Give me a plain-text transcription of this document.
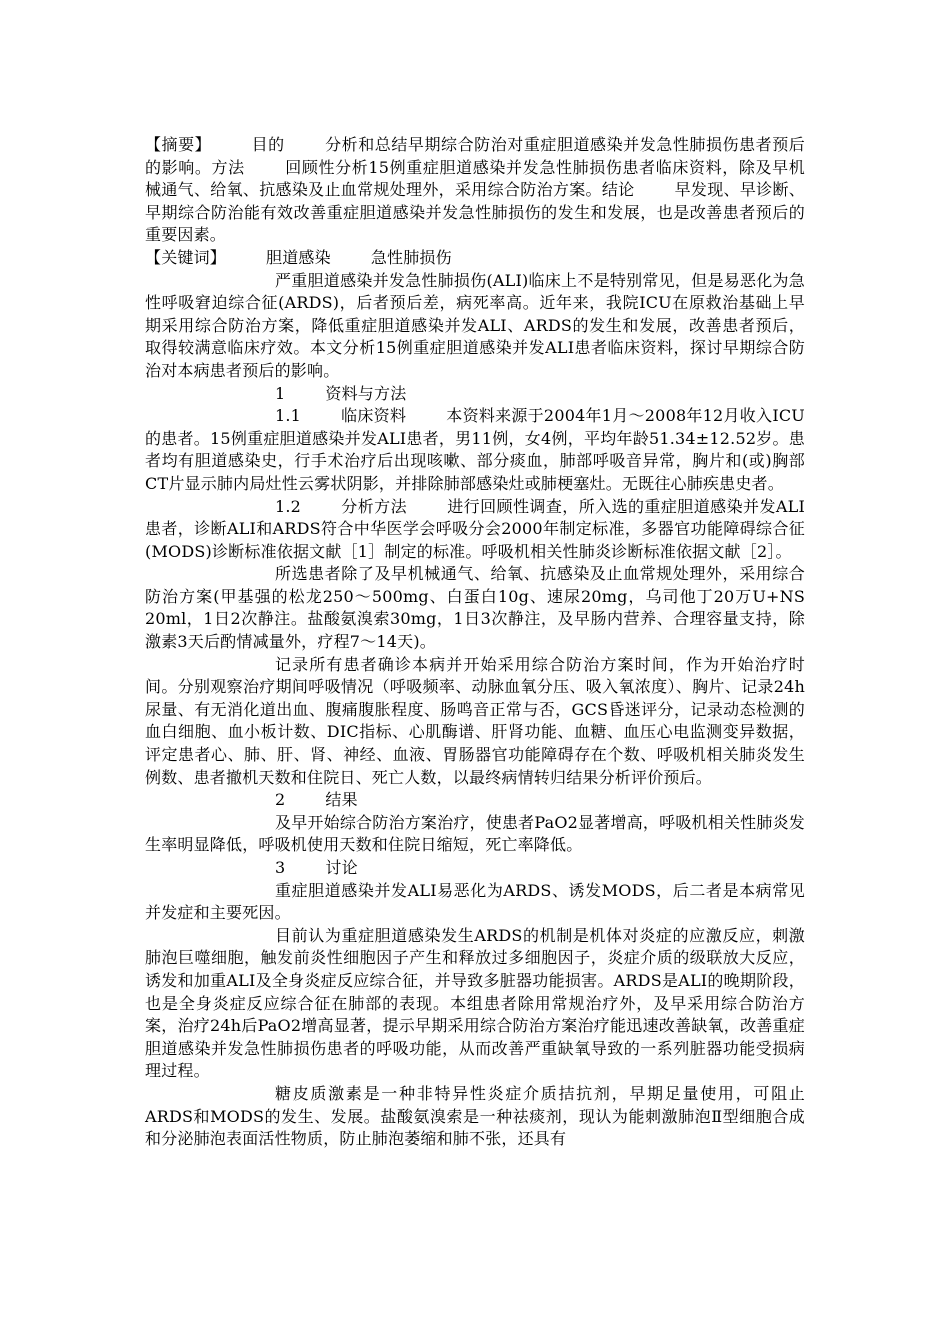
【摘要】	目的	分析和总结早期综合防治对重症胆道感染并发急性肺损伤患者预后的影响。方法	回顾性分析15例重症胆道感染并发急性肺损伤患者临床资料，除及早机械通气、给氧、抗感染及止血常规处理外，采用综合防治方案。结论	早发现、早诊断、早期综合防治能有效改善重症胆道感染并发急性肺损伤的发生和发展，也是改善患者预后的重要因素。

【关键词】	胆道感染	急性肺损伤

严重胆道感染并发急性肺损伤(ALI)临床上不是特别常见，但是易恶化为急性呼吸窘迫综合征(ARDS)，后者预后差，病死率高。近年来，我院ICU在原救治基础上早期采用综合防治方案，降低重症胆道感染并发ALI、ARDS的发生和发展，改善患者预后，取得较满意临床疗效。本文分析15例重症胆道感染并发ALI患者临床资料，探讨早期综合防治对本病患者预后的影响。

1	资料与方法

1.1	临床资料	本资料来源于2004年1月～2008年12月收入ICU的患者。15例重症胆道感染并发ALI患者，男11例，女4例，平均年龄51.34±12.52岁。患者均有胆道感染史，行手术治疗后出现咳嗽、部分痰血，肺部呼吸音异常，胸片和(或)胸部CT片显示肺内局灶性云雾状阴影，并排除肺部感染灶或肺梗塞灶。无既往心肺疾患史者。

1.2	分析方法	进行回顾性调查，所入选的重症胆道感染并发ALI患者，诊断ALI和ARDS符合中华医学会呼吸分会2000年制定标准，多器官功能障碍综合征(MODS)诊断标准依据文献［1］制定的标准。呼吸机相关性肺炎诊断标准依据文献［2］。

所选患者除了及早机械通气、给氧、抗感染及止血常规处理外，采用综合防治方案(甲基强的松龙250～500mg、白蛋白10g、速尿20mg，乌司他丁20万U+NS 20ml，1日2次静注。盐酸氨溴索30mg，1日3次静注，及早肠内营养、合理容量支持，除激素3天后酌情减量外，疗程7～14天)。

记录所有患者确诊本病并开始采用综合防治方案时间，作为开始治疗时间。分别观察治疗期间呼吸情况（呼吸频率、动脉血氧分压、吸入氧浓度）、胸片、记录24h尿量、有无消化道出血、腹痛腹胀程度、肠鸣音正常与否，GCS昏迷评分，记录动态检测的血白细胞、血小板计数、DIC指标、心肌酶谱、肝肾功能、血糖、血压心电监测变异数据，评定患者心、肺、肝、肾、神经、血液、胃肠器官功能障碍存在个数、呼吸机相关肺炎发生例数、患者撤机天数和住院日、死亡人数，以最终病情转归结果分析评价预后。

2	结果

及早开始综合防治方案治疗，使患者PaO2显著增高，呼吸机相关性肺炎发生率明显降低，呼吸机使用天数和住院日缩短，死亡率降低。

3	讨论

重症胆道感染并发ALI易恶化为ARDS、诱发MODS，后二者是本病常见并发症和主要死因。

目前认为重症胆道感染发生ARDS的机制是机体对炎症的应激反应，刺激肺泡巨噬细胞，触发前炎性细胞因子产生和释放过多细胞因子，炎症介质的级联放大反应，诱发和加重ALI及全身炎症反应综合征，并导致多脏器功能损害。ARDS是ALI的晚期阶段，也是全身炎症反应综合征在肺部的表现。本组患者除用常规治疗外，及早采用综合防治方案，治疗24h后PaO2增高显著，提示早期采用综合防治方案治疗能迅速改善缺氧，改善重症胆道感染并发急性肺损伤患者的呼吸功能，从而改善严重缺氧导致的一系列脏器功能受损病理过程。

糖皮质激素是一种非特异性炎症介质拮抗剂，早期足量使用，可阻止ARDS和MODS的发生、发展。盐酸氨溴索是一种祛痰剂，现认为能刺激肺泡Ⅱ型细胞合成和分泌肺泡表面活性物质，防止肺泡萎缩和肺不张，还具有
